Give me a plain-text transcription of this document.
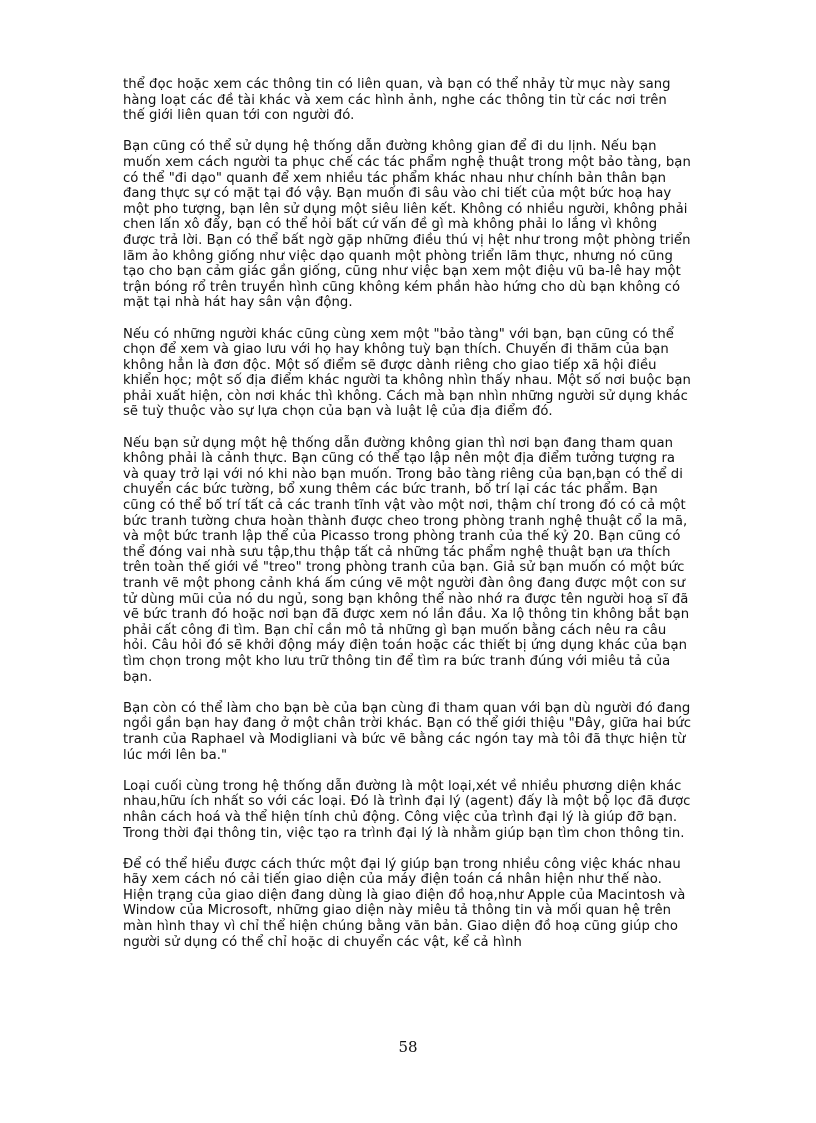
thể đọc hoặc xem các thông tin có liên quan, và bạn có thể nhảy từ mục này sang hàng loạt các đề tài khác và xem các hình ảnh, nghe các thông tin từ các nơi trên thế giới liên quan tới con người đó.

Bạn cũng có thể sử dụng hệ thống dẫn đường không gian để đi du lịnh. Nếu bạn muốn xem cách người ta phục chế các tác phẩm nghệ thuật trong một bảo tàng, bạn có thể "đi dạo" quanh để xem nhiều tác phẩm khác nhau như chính bản thân bạn đang thực sự có mặt tại đó vậy. Bạn muốn đi sâu vào chi tiết của một bức hoạ hay một pho tượng, bạn lên sử dụng một siêu liên kết. Không có nhiều người, không phải chen lấn xô đẩy, bạn có thể hỏi bất cứ vấn đề gì mà không phải lo lắng vì không được trả lời. Bạn có thể bất ngờ gặp những điều thú vị hệt như trong một phòng triển lãm ảo không giống như việc dạo quanh một phòng triển lãm thực, nhưng nó cũng tạo cho bạn cảm giác gần giống, cũng như việc bạn xem một điệu vũ ba-lê hay một trận bóng rổ trên truyền hình cũng không kém phần hào hứng cho dù bạn không có mặt tại nhà hát hay sân vận động.

Nếu có những người khác cũng cùng xem một "bảo tàng" với bạn, bạn cũng có thể chọn để xem và giao lưu với họ hay không tuỳ bạn thích. Chuyến đi thăm của bạn không hẳn là đơn độc. Một số điểm sẽ được dành riêng cho giao tiếp xã hội điều khiển học; một số địa điểm khác người ta không nhìn thấy nhau. Một số nơi buộc bạn phải xuất hiện, còn nơi khác thì không. Cách mà bạn nhìn những người sử dụng khác sẽ tuỳ thuộc vào sự lựa chọn của bạn và luật lệ của địa điểm đó.

Nếu bạn sử dụng một hệ thống dẫn đường không gian thì nơi bạn đang tham quan không phải là cảnh thực. Bạn cũng có thể tạo lập nên một địa điểm tưởng tượng ra và quay trở lại với nó khi nào bạn muốn. Trong bảo tàng riêng của bạn,bạn có thể di chuyển các bức tường, bổ xung thêm các bức tranh, bố trí lại các tác phẩm. Bạn cũng có thể bố trí tất cả các tranh tĩnh vật vào một nơi, thậm chí trong đó có cả một bức tranh tường chưa hoàn thành được cheo trong phòng tranh nghệ thuật cổ la mã, và một bức tranh lập thể của Picasso trong phòng tranh của thế kỷ 20. Bạn cũng có thể đóng vai nhà sưu tập,thu thập tất cả những tác phẩm nghệ thuật bạn ưa thích trên toàn thế giới về "treo" trong phòng tranh của bạn. Giả sử bạn muốn có một bức tranh vẽ một phong cảnh khá ấm cúng vẽ một người đàn ông đang được một con sư tử dùng mũi của nó du ngủ, song bạn không thể nào nhớ ra được tên người hoạ sĩ đã vẽ bức tranh đó hoặc nơi bạn đã được xem nó lần đầu. Xa lộ thông tin không bắt bạn phải cất công đi tìm. Bạn chỉ cần mô tả những gì bạn muốn bằng cách nêu ra câu hỏi. Câu hỏi đó sẽ khởi động máy điện toán hoặc các thiết bị ứng dụng khác của bạn tìm chọn trong một kho lưu trữ thông tin để tìm ra bức tranh đúng với miêu tả của bạn.

Bạn còn có thể làm cho bạn bè của bạn cùng đi tham quan với bạn dù người đó đang ngồi gần bạn hay đang ở một chân trời khác. Bạn có thể giới thiệu "Đây, giữa hai bức tranh của Raphael và Modigliani và bức vẽ bằng các ngón tay mà tôi đã thực hiện từ lúc mới lên ba."

Loại cuối cùng trong hệ thống dẫn đường là một loại,xét về nhiều phương diện khác nhau,hữu ích nhất so với các loại. Đó là trình đại lý (agent) đấy là một bộ lọc đã được nhân cách hoá và thể hiện tính chủ động. Công việc của trình đại lý là giúp đỡ bạn. Trong thời đại thông tin, việc tạo ra trình đại lý là nhằm giúp bạn tìm chon thông tin.

Để có thể hiểu được cách thức một đại lý giúp bạn trong nhiều công việc khác nhau hãy xem cách nó cải tiến giao diện của máy điện toán cá nhân hiện như thế nào. Hiện trạng của giao diện đang dùng là giao điện đồ hoạ,như Apple của Macintosh và Window của Microsoft, những giao diện này miêu tả thông tin và mối quan hệ trên màn hình thay vì chỉ thể hiện chúng bằng văn bản. Giao diện đồ hoạ cũng giúp cho người sử dụng có thể chỉ hoặc di chuyển các vật, kể cả hình

58
